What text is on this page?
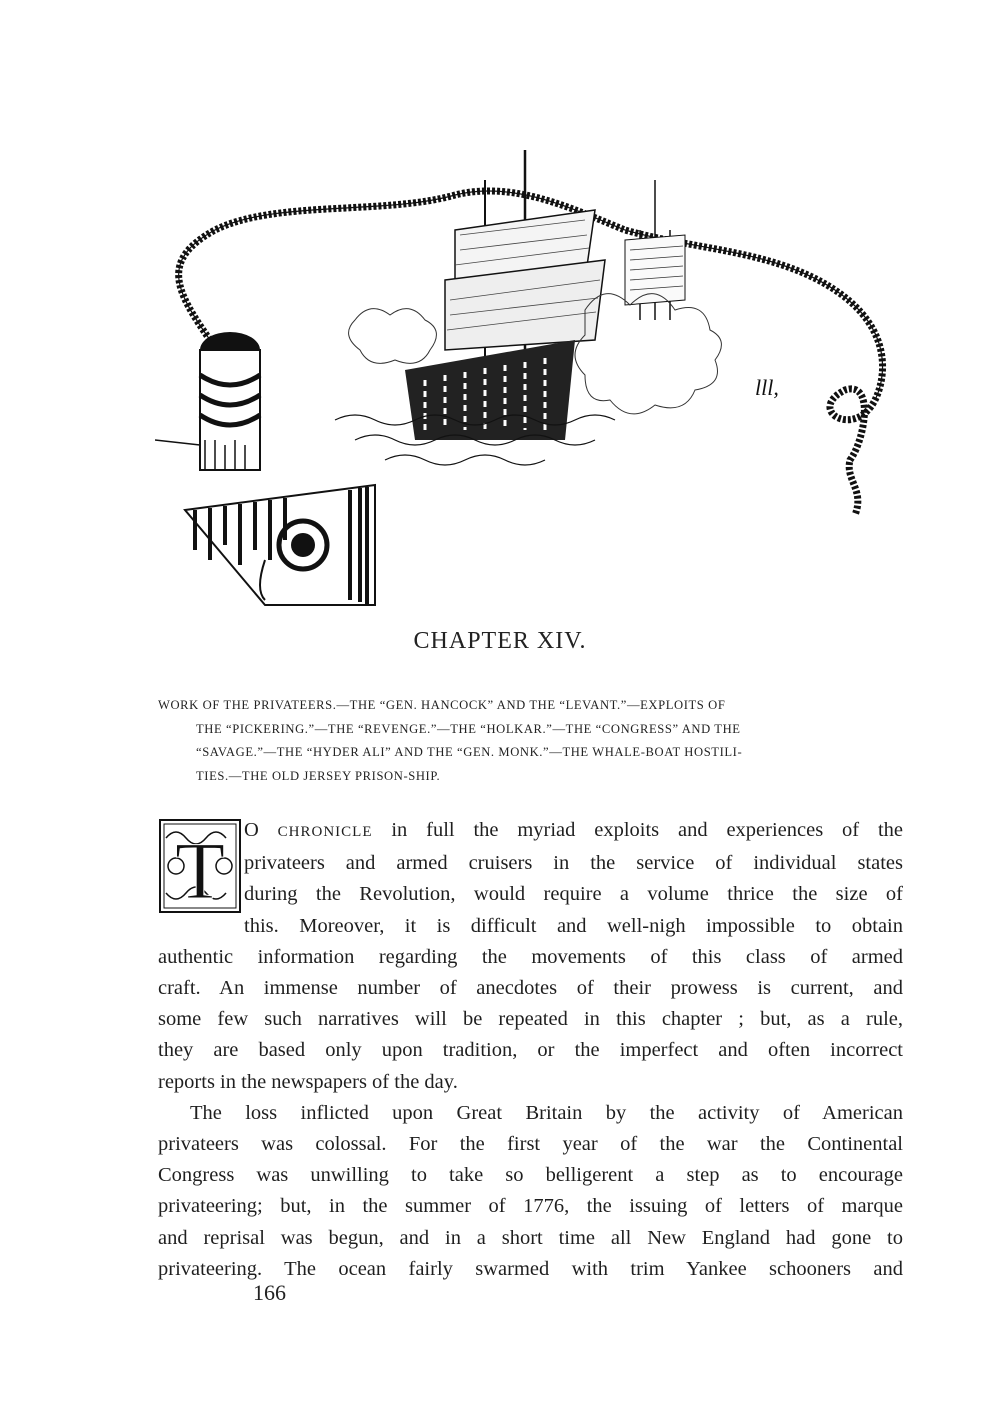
lll,
CHAPTER XIV.
WORK OF THE PRIVATEERS.—THE “GEN. HANCOCK” AND THE “LEVANT.”—EXPLOITS OF
THE “PICKERING.”—THE “REVENGE.”—THE “HOLKAR.”—THE “CONGRESS” AND THE
“SAVAGE.”—THE “HYDER ALI” AND THE “GEN. MONK.”—THE WHALE-BOAT HOSTILI-
TIES.—THE OLD JERSEY PRISON-SHIP.
T O CHRONICLE in full the myriad exploits and experiences of the
privateers and armed cruisers in the service of individual states
during the Revolution, would require a volume thrice the size of
this. Moreover, it is difficult and well-nigh impossible to obtain
authentic information regarding the movements of this class of armed
craft. An immense number of anecdotes of their prowess is current, and
some few such narratives will be repeated in this chapter ; but, as a rule,
they are based only upon tradition, or the imperfect and often incorrect
reports in the newspapers of the day.
The loss inflicted upon Great Britain by the activity of American
privateers was colossal. For the first year of the war the Continental
Congress was unwilling to take so belligerent a step as to encourage
privateering; but, in the summer of 1776, the issuing of letters of marque
and reprisal was begun, and in a short time all New England had gone to
privateering. The ocean fairly swarmed with trim Yankee schooners and
166
